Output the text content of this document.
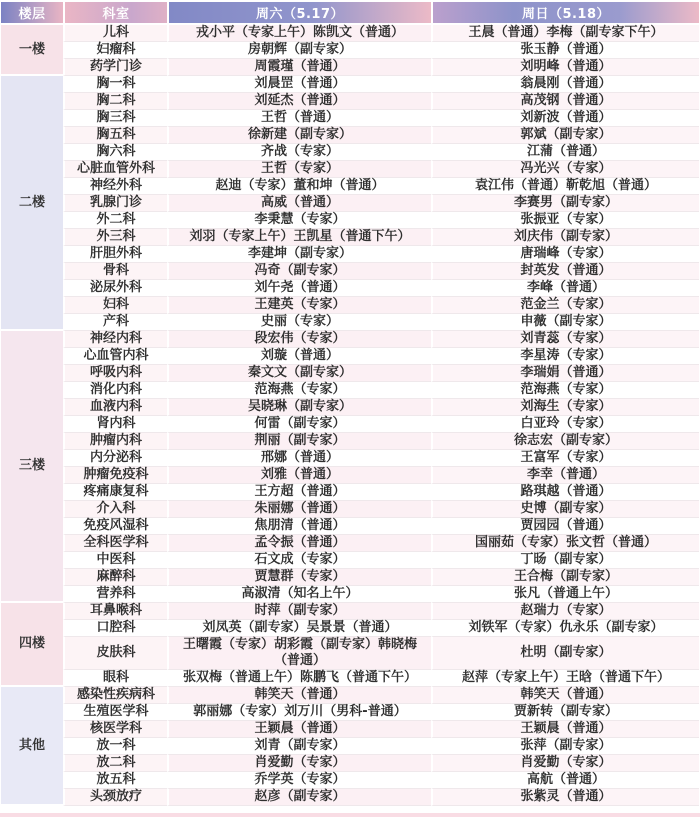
楼层	科室	周六（5.17）	周日（5.18）
一楼	儿科	戎小平（专家上午）陈凯文（普通）	王晨（普通）李梅（副专家下午）
	妇瘤科	房朝辉（副专家）	张玉静（普通）
	药学门诊	周霞瑾（普通）	刘明峰（普通）
二楼	胸一科	刘晨罡（普通）	翁晨刚（普通）
	胸二科	刘延杰（普通）	高茂钢（普通）
	胸三科	王哲（普通）	刘新波（普通）
	胸五科	徐新建（副专家）	郭斌（副专家）
	胸六科	齐战（专家）	江蒲（普通）
	心脏血管外科	王哲（专家）	冯光兴（专家）
	神经外科	赵迪（专家）董和坤（普通）	袁江伟（普通）靳乾旭（普通）
	乳腺门诊	高威（普通）	李赛男（副专家）
	外二科	李秉慧（专家）	张振亚（专家）
	外三科	刘羽（专家上午）王凯星（普通下午）	刘庆伟（副专家）
	肝胆外科	李建坤（副专家）	唐瑞峰（专家）
	骨科	冯奇（副专家）	封英发（普通）
	泌尿外科	刘午尧（普通）	李峰（普通）
	妇科	王建英（专家）	范金兰（专家）
	产科	史丽（专家）	申薇（副专家）
三楼	神经内科	段宏伟（专家）	刘青蕊（专家）
	心血管内科	刘璇（普通）	李星涛（专家）
	呼吸内科	秦文文（副专家）	李瑞娟（普通）
	消化内科	范海燕（专家）	范海燕（专家）
	血液内科	吴晓琳（副专家）	刘海生（专家）
	肾内科	何雷（副专家）	白亚玲（专家）
	肿瘤内科	荆丽（副专家）	徐志宏（副专家）
	内分泌科	邢娜（普通）	王富军（专家）
	肿瘤免疫科	刘雅（普通）	李幸（普通）
	疼痛康复科	王方超（普通）	路琪越（普通）
	介入科	朱丽娜（普通）	史博（副专家）
	免疫风湿科	焦朋清（普通）	贾园园（普通）
	全科医学科	孟令振（普通）	国丽茹（专家）张文哲（普通）
	中医科	石文成（专家）	丁旸（副专家）
	麻醉科	贾慧群（专家）	王合梅（副专家）
	营养科	高淑清（知名上午）	张凡（普通上午）
四楼	耳鼻喉科	时萍（副专家）	赵瑞力（专家）
	口腔科	刘凤英（副专家）吴景景（普通）	刘铁军（专家）仇永乐（副专家）
	皮肤科	王曙霞（专家）胡彩霞（副专家）韩晓梅（普通）	杜明（副专家）
	眼科	张双梅（普通上午）陈鹏飞（普通下午）	赵萍（专家上午）王晗（普通下午）
其他	感染性疾病科	韩笑天（普通）	韩笑天（普通）
	生殖医学科	郭丽娜（专家）刘万川（男科-普通）	贾新转（副专家）
	核医学科	王颖晨（普通）	王颖晨（普通）
	放一科	刘青（副专家）	张萍（副专家）
	放二科	肖爱勤（专家）	肖爱勤（专家）
	放五科	乔学英（专家）	高航（普通）
	头颈放疗	赵彦（副专家）	张紫灵（普通）
